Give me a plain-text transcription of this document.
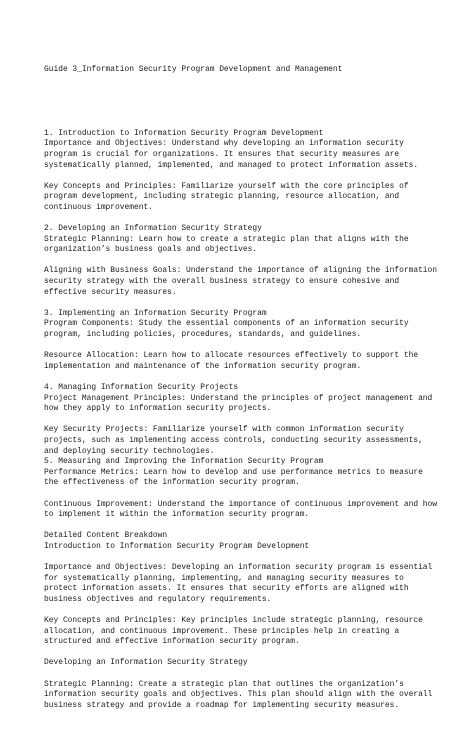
Guide 3_Information Security Program Development and Management

1. Introduction to Information Security Program Development
Importance and Objectives: Understand why developing an information security
program is crucial for organizations. It ensures that security measures are
systematically planned, implemented, and managed to protect information assets.
Key Concepts and Principles: Familiarize yourself with the core principles of
program development, including strategic planning, resource allocation, and
continuous improvement.
2. Developing an Information Security Strategy
Strategic Planning: Learn how to create a strategic plan that aligns with the
organization’s business goals and objectives.
Aligning with Business Goals: Understand the importance of aligning the information
security strategy with the overall business strategy to ensure cohesive and
effective security measures.
3. Implementing an Information Security Program
Program Components: Study the essential components of an information security
program, including policies, procedures, standards, and guidelines.
Resource Allocation: Learn how to allocate resources effectively to support the
implementation and maintenance of the information security program.
4. Managing Information Security Projects
Project Management Principles: Understand the principles of project management and
how they apply to information security projects.
Key Security Projects: Familiarize yourself with common information security
projects, such as implementing access controls, conducting security assessments,
and deploying security technologies.
5. Measuring and Improving the Information Security Program
Performance Metrics: Learn how to develop and use performance metrics to measure
the effectiveness of the information security program.
Continuous Improvement: Understand the importance of continuous improvement and how
to implement it within the information security program.
Detailed Content Breakdown
Introduction to Information Security Program Development
Importance and Objectives: Developing an information security program is essential
for systematically planning, implementing, and managing security measures to
protect information assets. It ensures that security efforts are aligned with
business objectives and regulatory requirements.
Key Concepts and Principles: Key principles include strategic planning, resource
allocation, and continuous improvement. These principles help in creating a
structured and effective information security program.
Developing an Information Security Strategy
Strategic Planning: Create a strategic plan that outlines the organization’s
information security goals and objectives. This plan should align with the overall
business strategy and provide a roadmap for implementing security measures.
